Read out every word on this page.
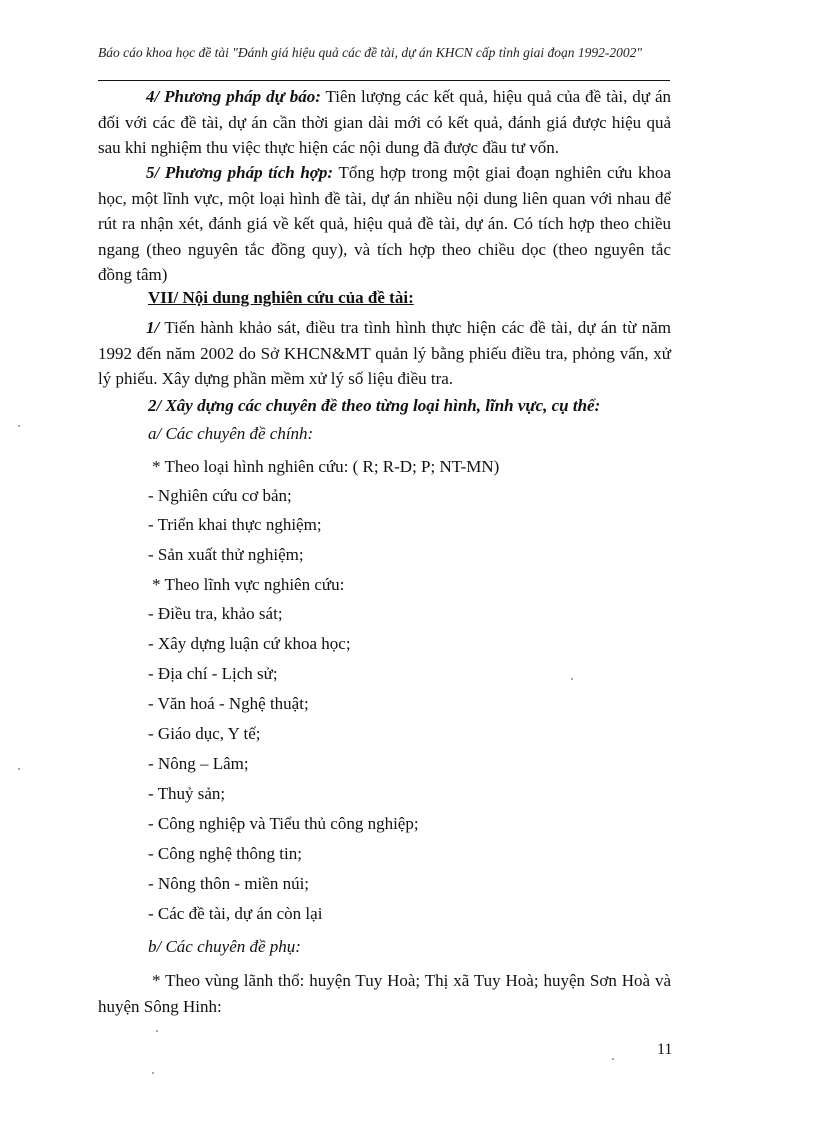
Báo cáo khoa học đề tài "Đánh giá hiệu quả các đề tài, dự án KHCN cấp tỉnh giai đoạn 1992-2002"
4/ Phương pháp dự báo: Tiên lượng các kết quả, hiệu quả của đề tài, dự án đối với các đề tài, dự án cần thời gian dài mới có kết quả, đánh giá được hiệu quả sau khi nghiệm thu việc thực hiện các nội dung đã được đầu tư vốn.
5/ Phương pháp tích hợp: Tổng hợp trong một giai đoạn nghiên cứu khoa học, một lĩnh vực, một loại hình đề tài, dự án nhiều nội dung liên quan với nhau để rút ra nhận xét, đánh giá về kết quả, hiệu quả đề tài, dự án. Có tích hợp theo chiều ngang (theo nguyên tắc đồng quy), và tích hợp theo chiều dọc (theo nguyên tắc đồng tâm)
VII/ Nội dung nghiên cứu của đề tài:
1/ Tiến hành khảo sát, điều tra tình hình thực hiện các đề tài, dự án từ năm 1992 đến năm 2002 do Sở KHCN&MT quản lý bằng phiếu điều tra, phỏng vấn, xử lý phiếu. Xây dựng phần mềm xử lý số liệu điều tra.
2/ Xây dựng các chuyên đề theo từng loại hình, lĩnh vực, cụ thể:
a/ Các chuyên đề chính:
* Theo loại hình nghiên cứu: ( R; R-D; P; NT-MN)
- Nghiên cứu cơ bản;
- Triển khai thực nghiệm;
- Sản xuất thử nghiệm;
* Theo lĩnh vực nghiên cứu:
- Điều tra, khảo sát;
- Xây dựng luận cứ khoa học;
- Địa chí - Lịch sử;
- Văn hoá - Nghệ thuật;
- Giáo dục, Y tế;
- Nông – Lâm;
- Thuỷ sản;
- Công nghiệp và Tiểu thủ công nghiệp;
- Công nghệ thông tin;
- Nông thôn - miền núi;
- Các đề tài, dự án còn lại
b/ Các chuyên đề phụ:
* Theo vùng lãnh thổ: huyện Tuy Hoà; Thị xã Tuy Hoà; huyện Sơn Hoà và huyện Sông Hinh:
11
